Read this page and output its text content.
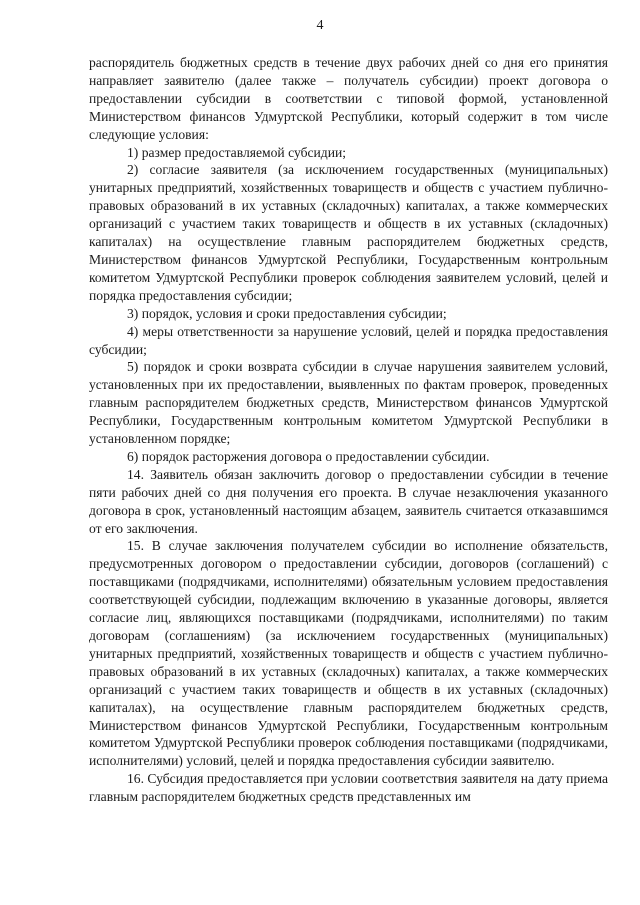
4

распорядитель бюджетных средств в течение двух рабочих дней со дня его принятия направляет заявителю (далее также – получатель субсидии) проект договора о предоставлении субсидии в соответствии с типовой формой, установленной Министерством финансов Удмуртской Республики, который содержит в том числе следующие условия:

1) размер предоставляемой субсидии;

2) согласие заявителя (за исключением государственных (муниципальных) унитарных предприятий, хозяйственных товариществ и обществ с участием публично-правовых образований в их уставных (складочных) капиталах, а также коммерческих организаций с участием таких товариществ и обществ в их уставных (складочных) капиталах) на осуществление главным распорядителем бюджетных средств, Министерством финансов Удмуртской Республики, Государственным контрольным комитетом Удмуртской Республики проверок соблюдения заявителем условий, целей и порядка предоставления субсидии;

3) порядок, условия и сроки предоставления субсидии;

4) меры ответственности за нарушение условий, целей и порядка предоставления субсидии;

5) порядок и сроки возврата субсидии в случае нарушения заявителем условий, установленных при их предоставлении, выявленных по фактам проверок, проведенных главным распорядителем бюджетных средств, Министерством финансов Удмуртской Республики, Государственным контрольным комитетом Удмуртской Республики в установленном порядке;

6) порядок расторжения договора о предоставлении субсидии.

14. Заявитель обязан заключить договор о предоставлении субсидии в течение пяти рабочих дней со дня получения его проекта. В случае незаключения указанного договора в срок, установленный настоящим абзацем, заявитель считается отказавшимся от его заключения.

15. В случае заключения получателем субсидии во исполнение обязательств, предусмотренных договором о предоставлении субсидии, договоров (соглашений) с поставщиками (подрядчиками, исполнителями) обязательным условием предоставления соответствующей субсидии, подлежащим включению в указанные договоры, является согласие лиц, являющихся поставщиками (подрядчиками, исполнителями) по таким договорам (соглашениям) (за исключением государственных (муниципальных) унитарных предприятий, хозяйственных товариществ и обществ с участием публично-правовых образований в их уставных (складочных) капиталах, а также коммерческих организаций с участием таких товариществ и обществ в их уставных (складочных) капиталах), на осуществление главным распорядителем бюджетных средств, Министерством финансов Удмуртской Республики, Государственным контрольным комитетом Удмуртской Республики проверок соблюдения поставщиками (подрядчиками, исполнителями) условий, целей и порядка предоставления субсидии заявителю.

16. Субсидия предоставляется при условии соответствия заявителя на дату приема главным распорядителем бюджетных средств представленных им
